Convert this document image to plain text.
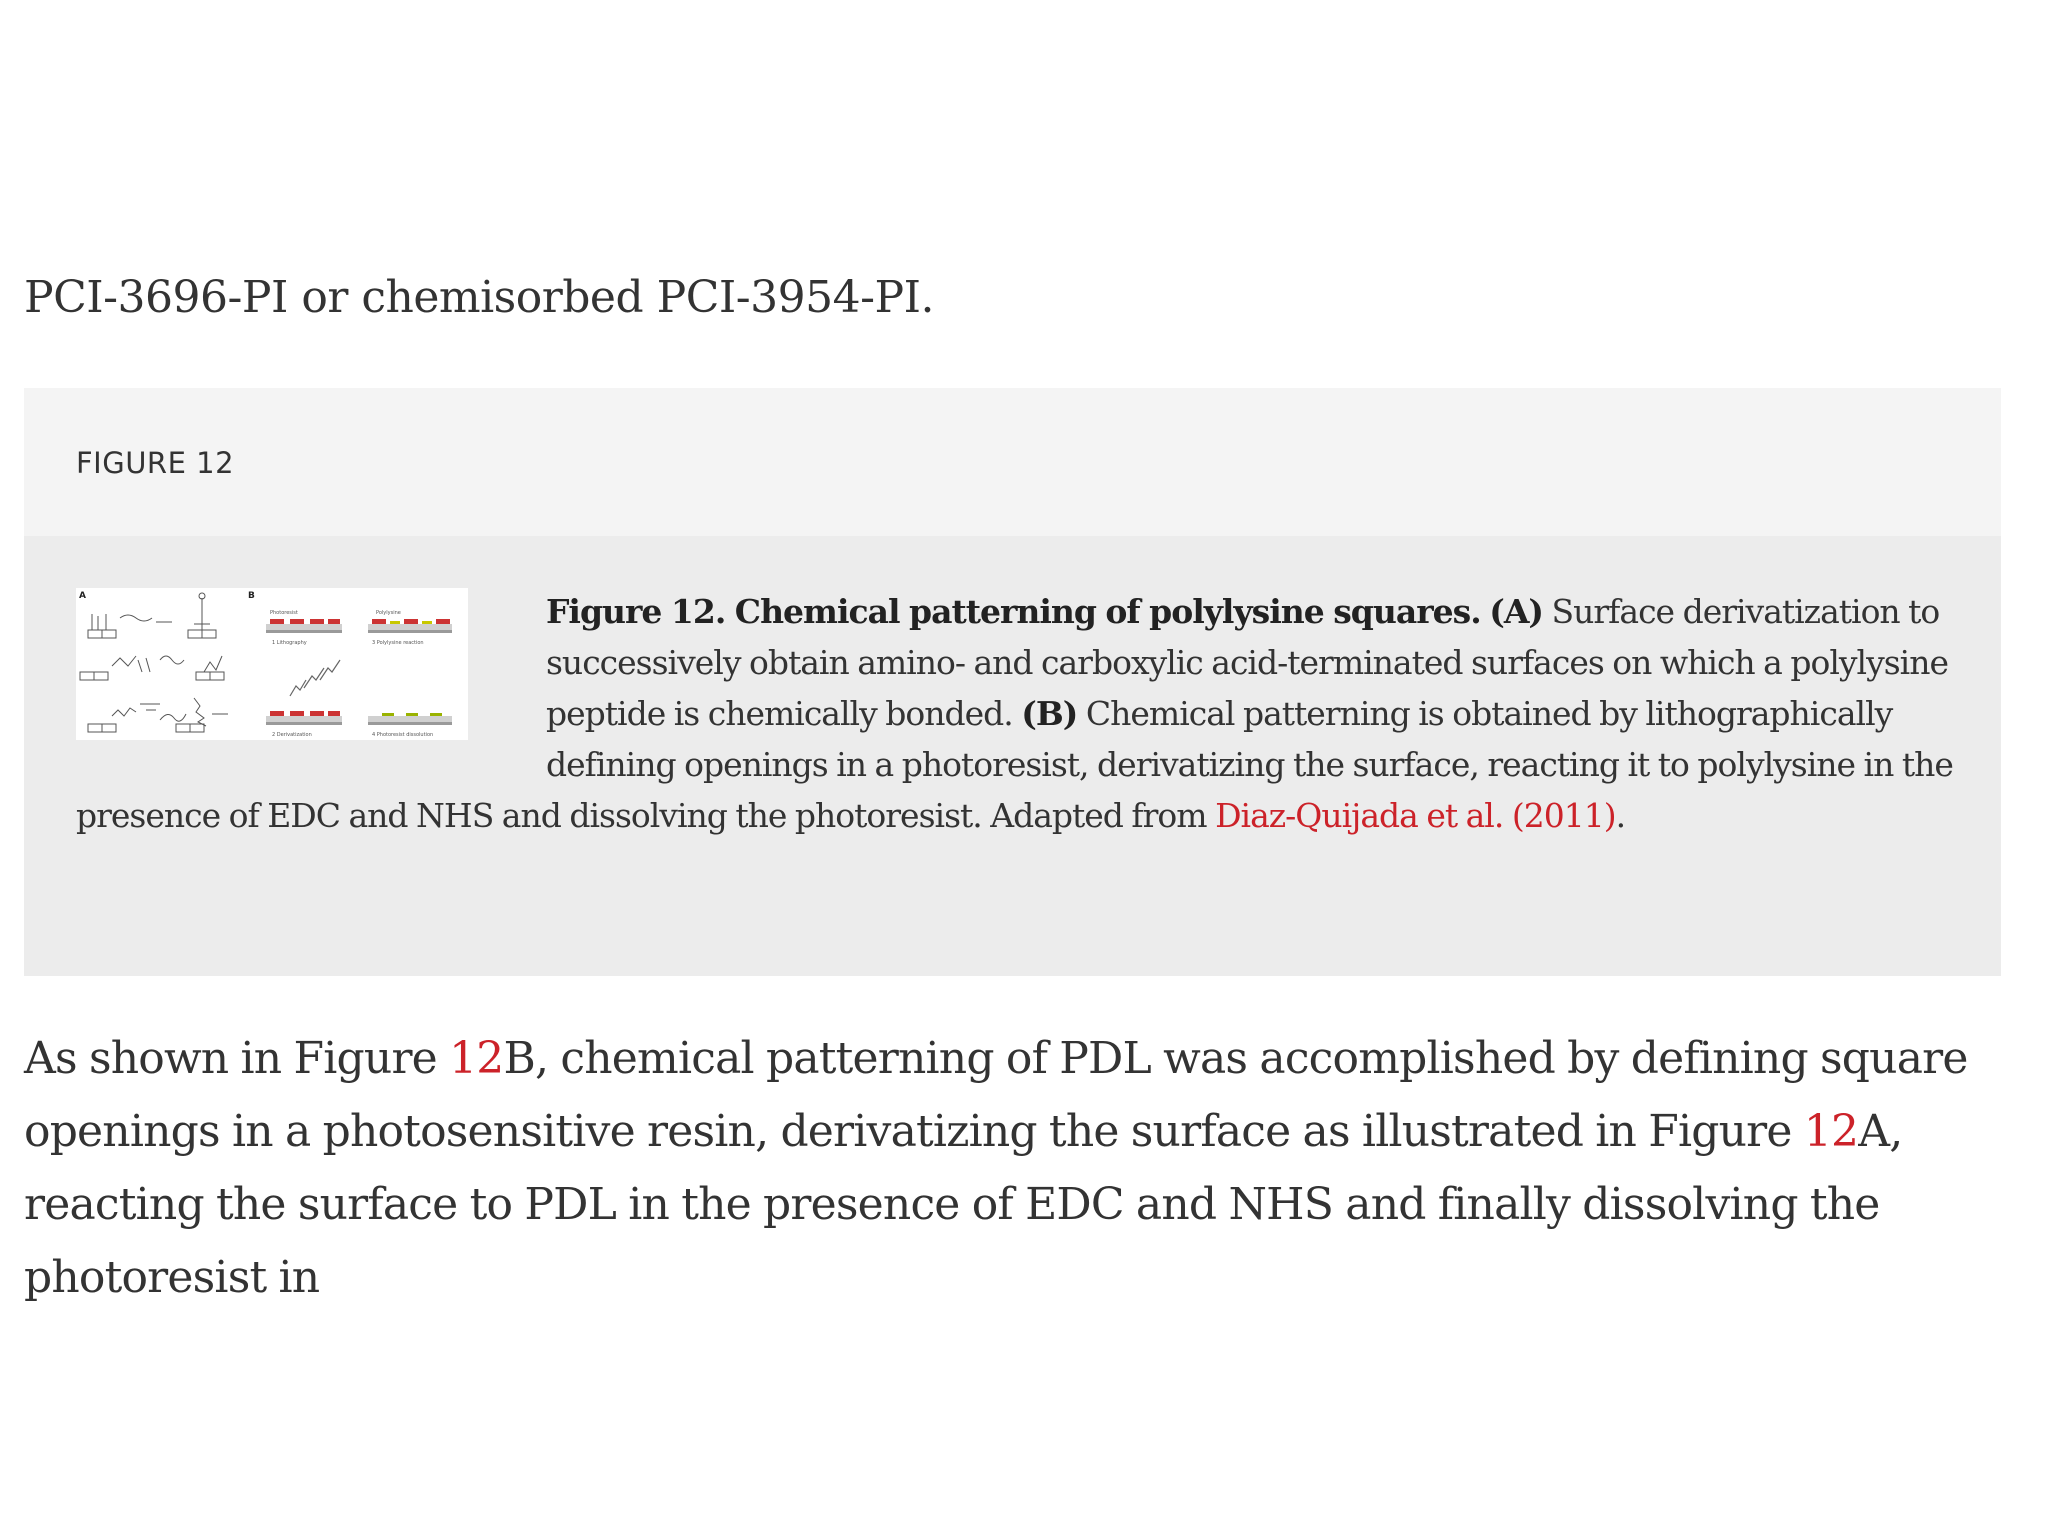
PCI-3696-PI or chemisorbed PCI-3954-PI.

FIGURE 12
A	B
Photoresist
1 Lithography
Polylysine
3 Polylysine reaction
2 Derivatization	4 Photoresist dissolution

Figure 12. Chemical patterning of polylysine squares. (A) Surface derivatization to successively obtain amino- and carboxylic acid-terminated surfaces on which a polylysine peptide is chemically bonded. (B) Chemical patterning is obtained by lithographically defining openings in a photoresist, derivatizing the surface, reacting it to polylysine in the presence of EDC and NHS and dissolving the photoresist. Adapted from Diaz-Quijada et al. (2011).

As shown in Figure 12B, chemical patterning of PDL was accomplished by defining square openings in a photosensitive resin, derivatizing the surface as illustrated in Figure 12A, reacting the surface to PDL in the presence of EDC and NHS and finally dissolving the photoresist in
